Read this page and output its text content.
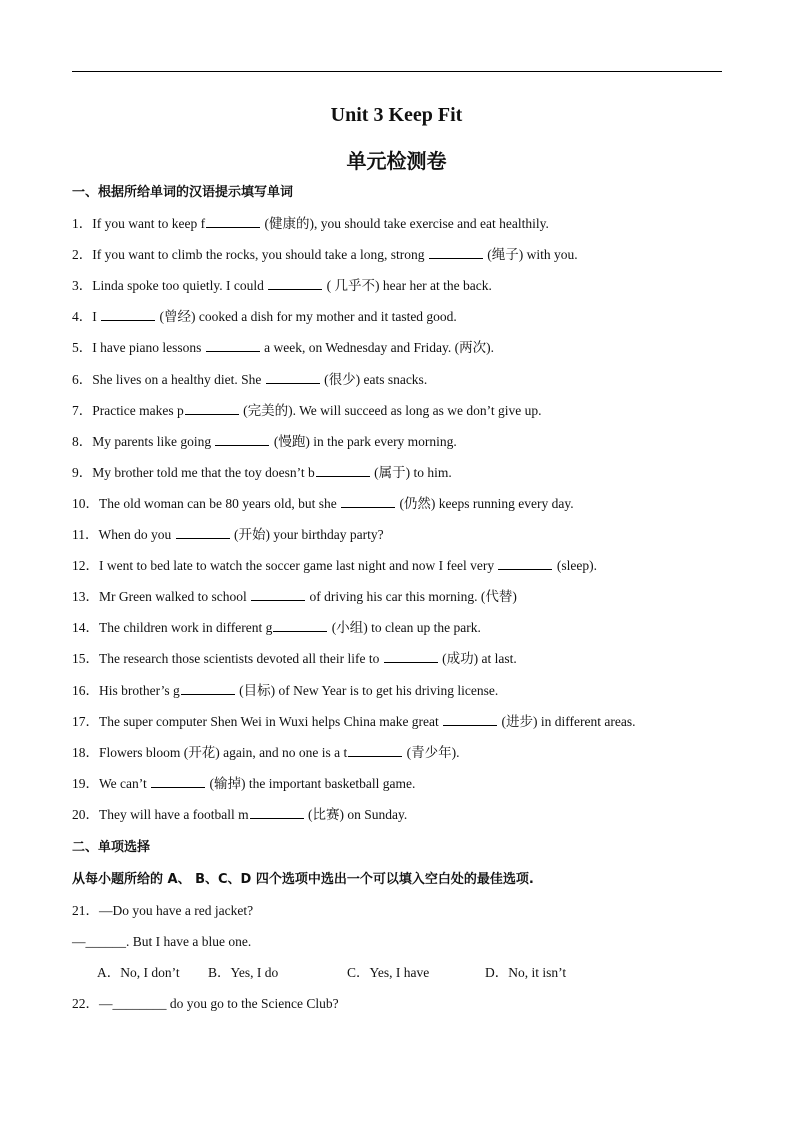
Unit 3 Keep Fit
单元检测卷
一、根据所给单词的汉语提示填写单词
1．If you want to keep f	(健康的), you should take exercise and eat healthily.
2．If you want to climb the rocks, you should take a long, strong	(绳子) with you.
3．Linda spoke too quietly. I could	( 几乎不) hear her at the back.
4．I	(曾经) cooked a dish for my mother and it tasted good.
5．I have piano lessons	a week, on Wednesday and Friday. (两次).
6．She lives on a healthy diet. She	(很少) eats snacks.
7．Practice makes p	(完美的). We will succeed as long as we don’t give up.
8．My parents like going	(慢跑) in the park every morning.
9．My brother told me that the toy doesn’t b	(属于) to him.
10．The old woman can be 80 years old, but she	(仍然) keeps running every day.
11．When do you	(开始) your birthday party?
12．I went to bed late to watch the soccer game last night and now I feel very	(sleep).
13．Mr Green walked to school	of driving his car this morning. (代替)
14．The children work in different g	(小组) to clean up the park.
15．The research those scientists devoted all their life to	(成功) at last.
16．His brother’s g	(目标) of New Year is to get his driving license.
17．The super computer Shen Wei in Wuxi helps China make great	(进步) in different areas.
18．Flowers bloom (开花) again, and no one is a t	(青少年).
19．We can’t	(输掉) the important basketball game.
20．They will have a football m	(比赛) on Sunday.
二、单项选择
从每小题所给的 A、 B、C、D 四个选项中选出一个可以填入空白处的最佳选项.
21．—Do you have a red jacket?
—______. But I have a blue one.
A．No, I don’t B．Yes, I do	C．Yes, I have	D．No, it isn’t
22．—________ do you go to the Science Club?
